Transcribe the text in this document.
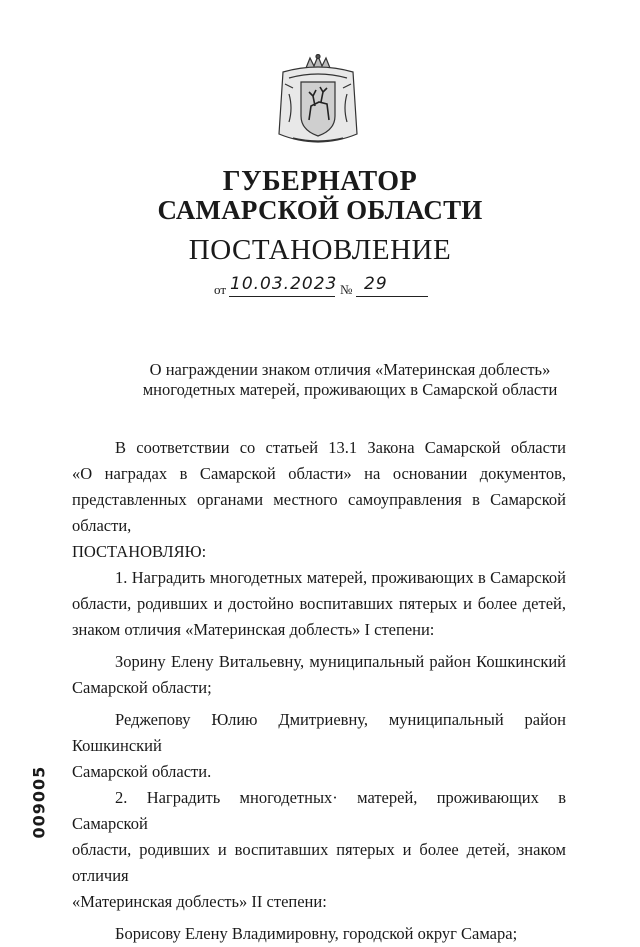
ГУБЕРНАТОР
САМАРСКОЙ ОБЛАСТИ
ПОСТАНОВЛЕНИЕ
от 10.03.2023 № 29
О награждении знаком отличия «Материнская доблесть»
многодетных матерей, проживающих в Самарской области

В соответствии со статьей 13.1 Закона Самарской области

«О наградах в Самарской области» на основании документов,

представленных органами местного самоуправления в Самарской области,

ПОСТАНОВЛЯЮ:

1. Наградить многодетных матерей, проживающих в Самарской

области, родивших и достойно воспитавших пятерых и более детей,

знаком отличия «Материнская доблесть» I степени:

Зорину Елену Витальевну, муниципальный район Кошкинский

Самарской области;

Реджепову Юлию Дмитриевну, муниципальный район Кошкинский

Самарской области.

2. Наградить многодетных· матерей, проживающих в Самарской

области, родивших и воспитавших пятерых и более детей, знаком отличия

«Материнская доблесть» II степени:

Борисову Елену Владимировну, городской округ Самара;

009005
